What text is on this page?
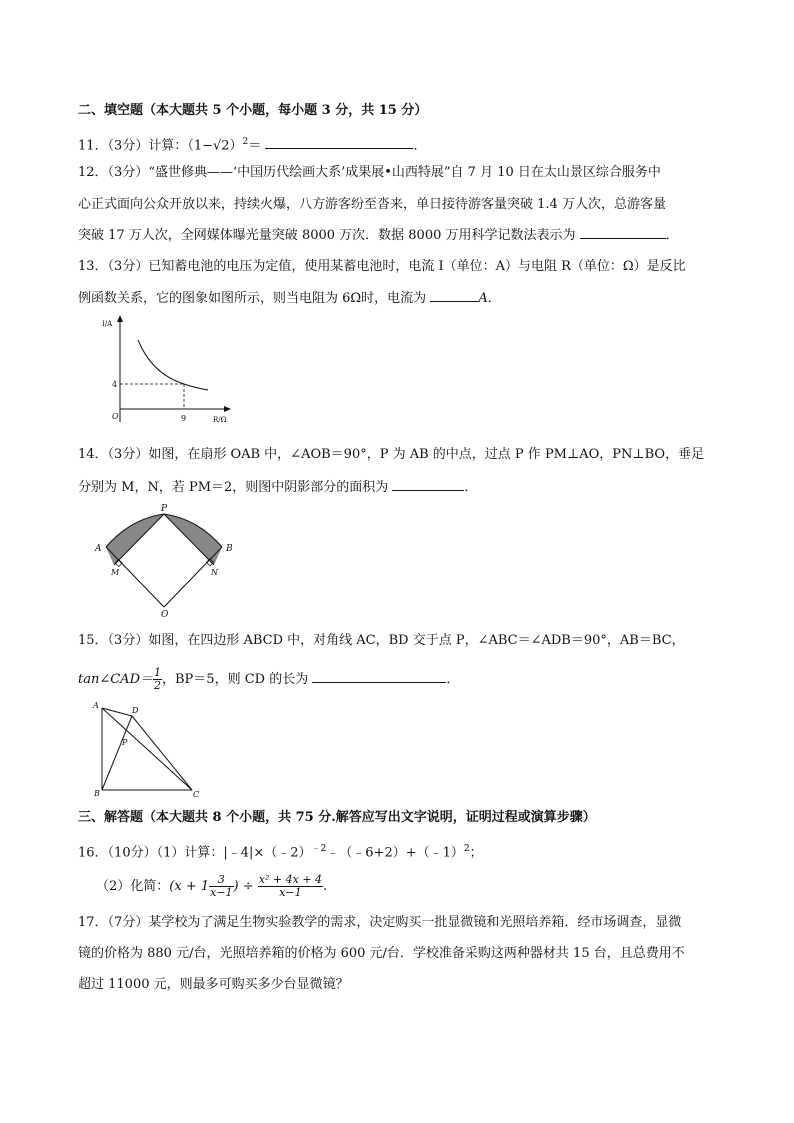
二、填空题（本大题共 5 个小题，每小题 3 分，共 15 分）
11．（3分）计算：$(1-√2)^2=$	．
12．（3分）“盛世修典——‘中国历代绘画大系’成果展•山西特展”自 7 月 10 日在太山景区综合服务中
心正式面向公众开放以来，持续火爆，八方游客纷至沓来，单日接待游客量突破 1.4 万人次，总游客量
突破 17 万人次，全网媒体曝光量突破 8000 万次．数据 8000 万用科学记数法表示为	．
13．（3分）已知蓄电池的电压为定值，使用某蓄电池时，电流 I（单位：A）与电阻 R（单位：Ω）是反比
例函数关系，它的图象如图所示，则当电阻为 6Ω时，电流为	A．
I/A
R/Ω
O
4
9
14．（3分）如图，在扇形 OAB 中，∠AOB＝90°，P 为 AB 的中点，过点 P 作 PM⊥AO，PN⊥BO，垂足
分别为 M，N，若 PM＝2，则图中阴影部分的面积为	．
P
A	B
M	N
O
15．（3分）如图，在四边形 ABCD 中，对角线 AC，BD 交于点 P，∠ABC＝∠ADB＝90°，AB＝BC，
tan∠CAD＝ $\frac{1}{2}$ ，BP＝5，则 CD 的长为	．
A
B	C
D
P
三、解答题（本大题共 8 个小题，共 75 分.解答应写出文字说明，证明过程或演算步骤）
16．（10分）（1）计算：|﹣4|×（﹣2）$^{﹣2}$﹣（﹣6+2）+（﹣1）$^2$；
（2）化简：($x + 1 \frac{3}{x-1}$ ) ÷ $\frac{\text{x² + 4x + 4}}{x-1}$ .
17．（7分）某学校为了满足生物实验教学的需求，决定购买一批显微镜和光照培养箱．经市场调查，显微
镜的价格为 880 元/台，光照培养箱的价格为 600 元/台．学校准备采购这两种器材共 15 台，且总费用不
超过 11000 元，则最多可购买多少台显微镜？
